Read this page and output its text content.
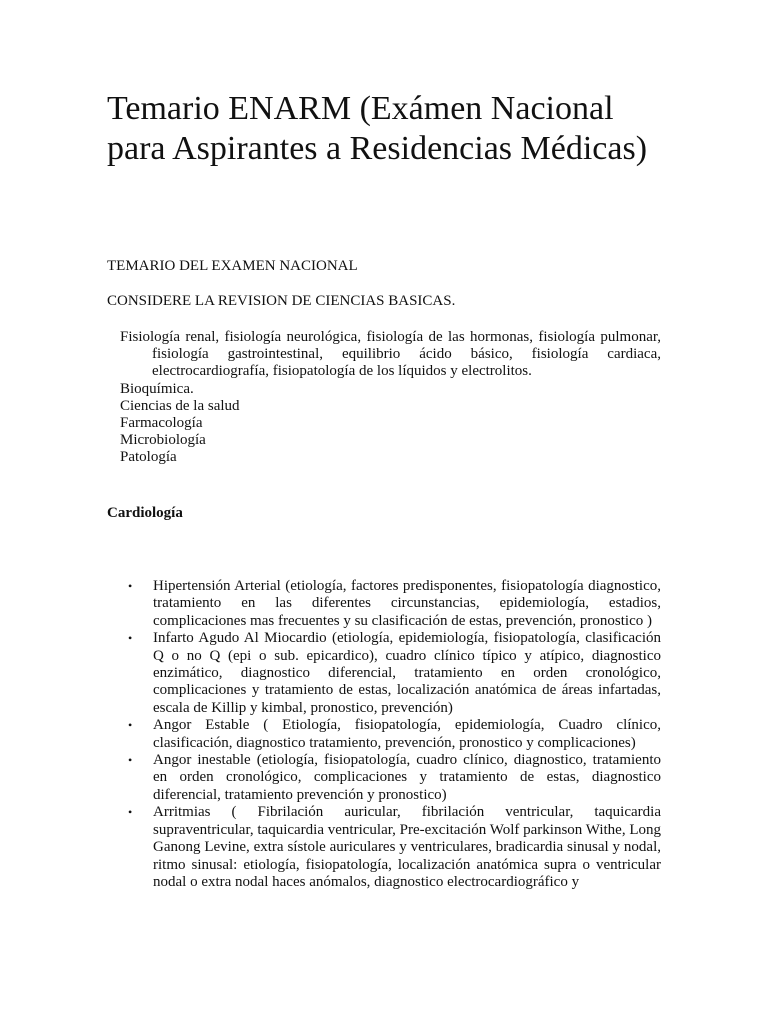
Temario ENARM (Exámen Nacional para Aspirantes a Residencias Médicas)

TEMARIO DEL EXAMEN NACIONAL

CONSIDERE LA REVISION DE CIENCIAS BASICAS.

Fisiología renal, fisiología neurológica, fisiología de las hormonas, fisiología pulmonar, fisiología gastrointestinal, equilibrio ácido básico, fisiología cardiaca, electrocardiografía, fisiopatología de los líquidos y electrolitos.

Bioquímica.

Ciencias de la salud

Farmacología

Microbiología

Patología

Cardiología

• Hipertensión Arterial (etiología, factores predisponentes, fisiopatología diagnostico, tratamiento en las diferentes circunstancias, epidemiología, estadios, complicaciones mas frecuentes y su clasificación de estas, prevención, pronostico )
• Infarto Agudo Al Miocardio (etiología, epidemiología, fisiopatología, clasificación Q o no Q (epi o sub. epicardico), cuadro clínico típico y atípico, diagnostico enzimático, diagnostico diferencial, tratamiento en orden cronológico, complicaciones y tratamiento de estas, localización anatómica de áreas infartadas, escala de Killip y kimbal, pronostico, prevención)
• Angor Estable ( Etiología, fisiopatología, epidemiología, Cuadro clínico, clasificación, diagnostico tratamiento, prevención, pronostico y complicaciones)
• Angor inestable (etiología, fisiopatología, cuadro clínico, diagnostico, tratamiento en orden cronológico, complicaciones y tratamiento de estas, diagnostico diferencial, tratamiento prevención y pronostico)
• Arritmias ( Fibrilación auricular, fibrilación ventricular, taquicardia supraventricular, taquicardia ventricular, Pre-excitación Wolf parkinson Withe, Long Ganong Levine, extra sístole auriculares y ventriculares, bradicardia sinusal y nodal, ritmo sinusal: etiología, fisiopatología, localización anatómica supra o ventricular nodal o extra nodal haces anómalos, diagnostico electrocardiográfico y
